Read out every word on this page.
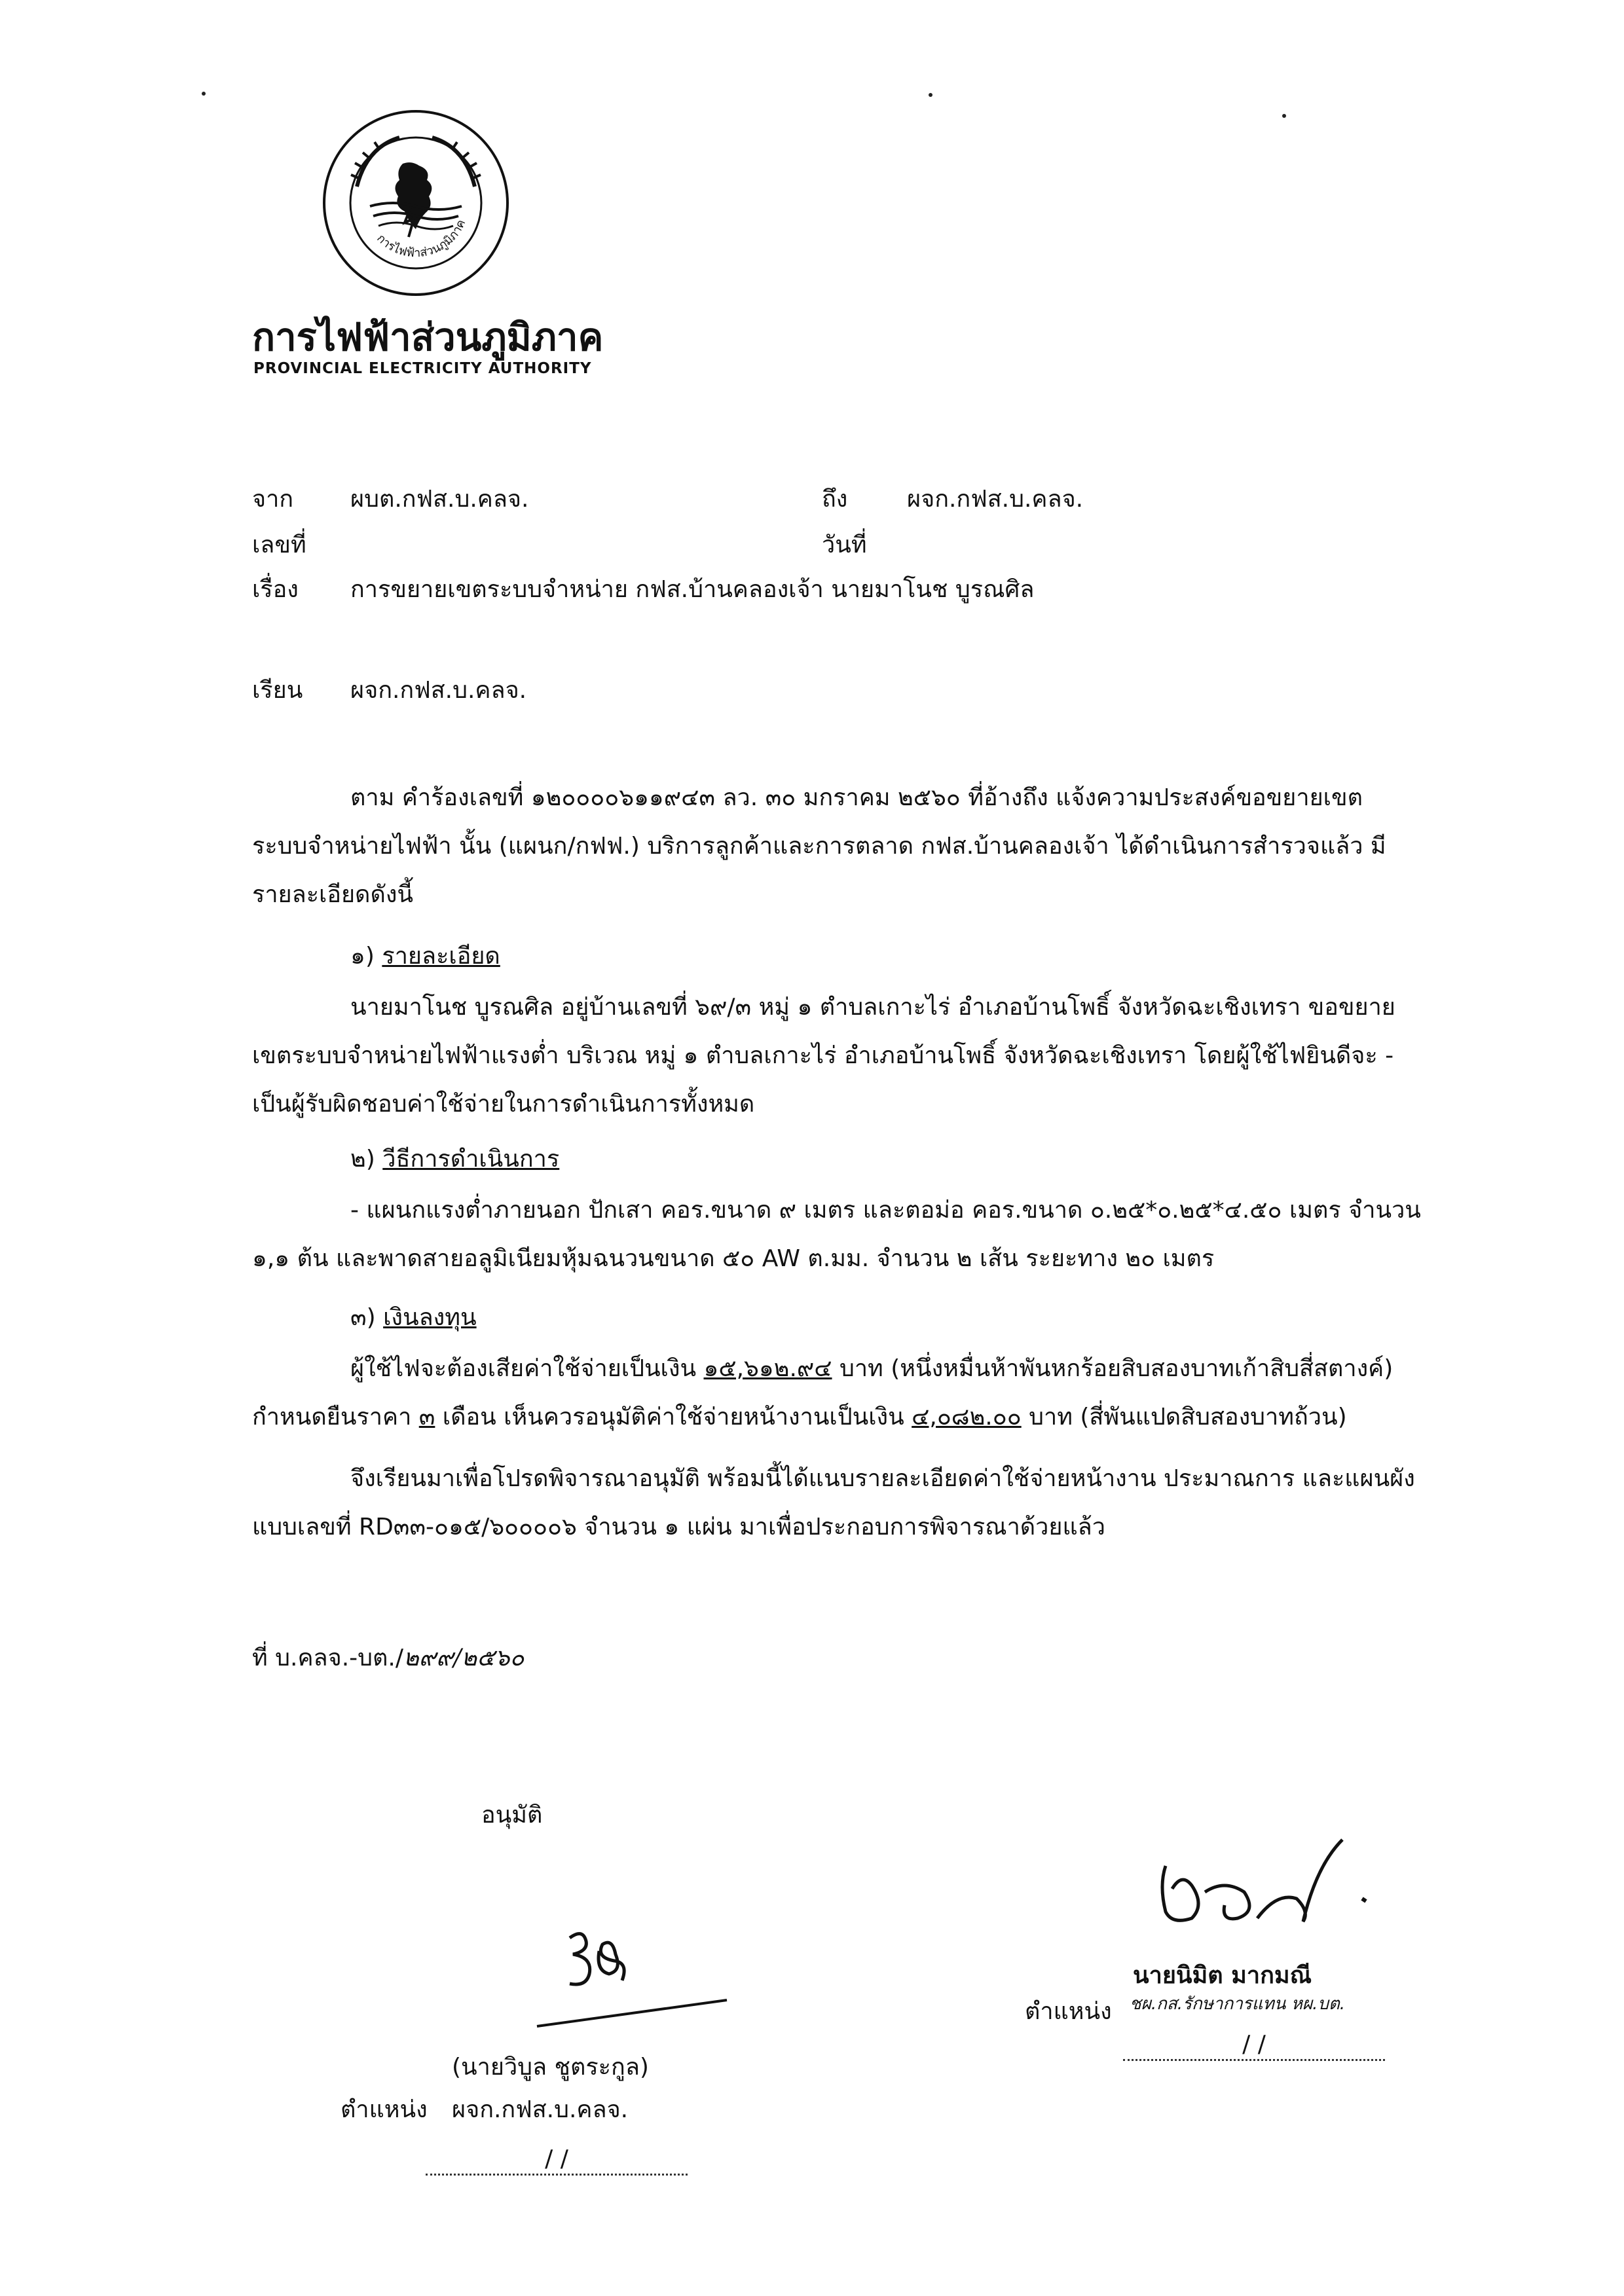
การไฟฟ้าส่วนภูมิภาค
การไฟฟ้าส่วนภูมิภาค
PROVINCIAL ELECTRICITY AUTHORITY
จาก ผบต.กฟส.บ.คลจ.	ถึง	ผจก.กฟส.บ.คลจ.
เลขที่	วันที่
เรื่อง การขยายเขตระบบจำหน่าย กฟส.บ้านคลองเจ้า นายมาโนช บูรณศิล
เรียน ผจก.กฟส.บ.คลจ.
ตาม คำร้องเลขที่ ๑๒๐๐๐๐๖๑๑๙๔๓ ลว. ๓๐ มกราคม ๒๕๖๐ ที่อ้างถึง แจ้งความประสงค์ขอขยายเขต
ระบบจำหน่ายไฟฟ้า นั้น (แผนก/กฟฟ.) บริการลูกค้าและการตลาด กฟส.บ้านคลองเจ้า ได้ดำเนินการสำรวจแล้ว มี
รายละเอียดดังนี้
๑) รายละเอียด
นายมาโนช บูรณศิล อยู่บ้านเลขที่ ๖๙/๓ หมู่ ๑ ตำบลเกาะไร่ อำเภอบ้านโพธิ์ จังหวัดฉะเชิงเทรา ขอขยาย
เขตระบบจำหน่ายไฟฟ้าแรงต่ำ บริเวณ หมู่ ๑ ตำบลเกาะไร่ อำเภอบ้านโพธิ์ จังหวัดฉะเชิงเทรา โดยผู้ใช้ไฟยินดีจะ -
เป็นผู้รับผิดชอบค่าใช้จ่ายในการดำเนินการทั้งหมด
๒) วีธีการดำเนินการ
- แผนกแรงต่ำภายนอก ปักเสา คอร.ขนาด ๙ เมตร และตอม่อ คอร.ขนาด ๐.๒๕*๐.๒๕*๔.๕๐ เมตร จำนวน
๑,๑ ต้น และพาดสายอลูมิเนียมหุ้มฉนวนขนาด ๕๐ AW ต.มม. จำนวน ๒ เส้น ระยะทาง ๒๐ เมตร
๓) เงินลงทุน
ผู้ใช้ไฟจะต้องเสียค่าใช้จ่ายเป็นเงิน ๑๕,๖๑๒.๙๔ บาท (หนึ่งหมื่นห้าพันหกร้อยสิบสองบาทเก้าสิบสี่สตางค์)
กำหนดยืนราคา ๓ เดือน เห็นควรอนุมัติค่าใช้จ่ายหน้างานเป็นเงิน ๔,๐๘๒.๐๐ บาท (สี่พันแปดสิบสองบาทถ้วน)
จึงเรียนมาเพื่อโปรดพิจารณาอนุมัติ พร้อมนี้ได้แนบรายละเอียดค่าใช้จ่ายหน้างาน ประมาณการ และแผนผัง
แบบเลขที่ RD๓๓-๐๑๕/๖๐๐๐๐๖ จำนวน ๑ แผ่น มาเพื่อประกอบการพิจารณาด้วยแล้ว
ที่ บ.คลจ.-บต./๒๙๙/๒๕๖๐
อนุมัติ
(นายวิบูล ชูตระกูล)
ตำแหน่ง ผจก.กฟส.บ.คลจ.
/ /
นายนิมิต มากมณี
ตำแหน่ง ชผ.กส.รักษาการแทน หผ.บต.
/ /
